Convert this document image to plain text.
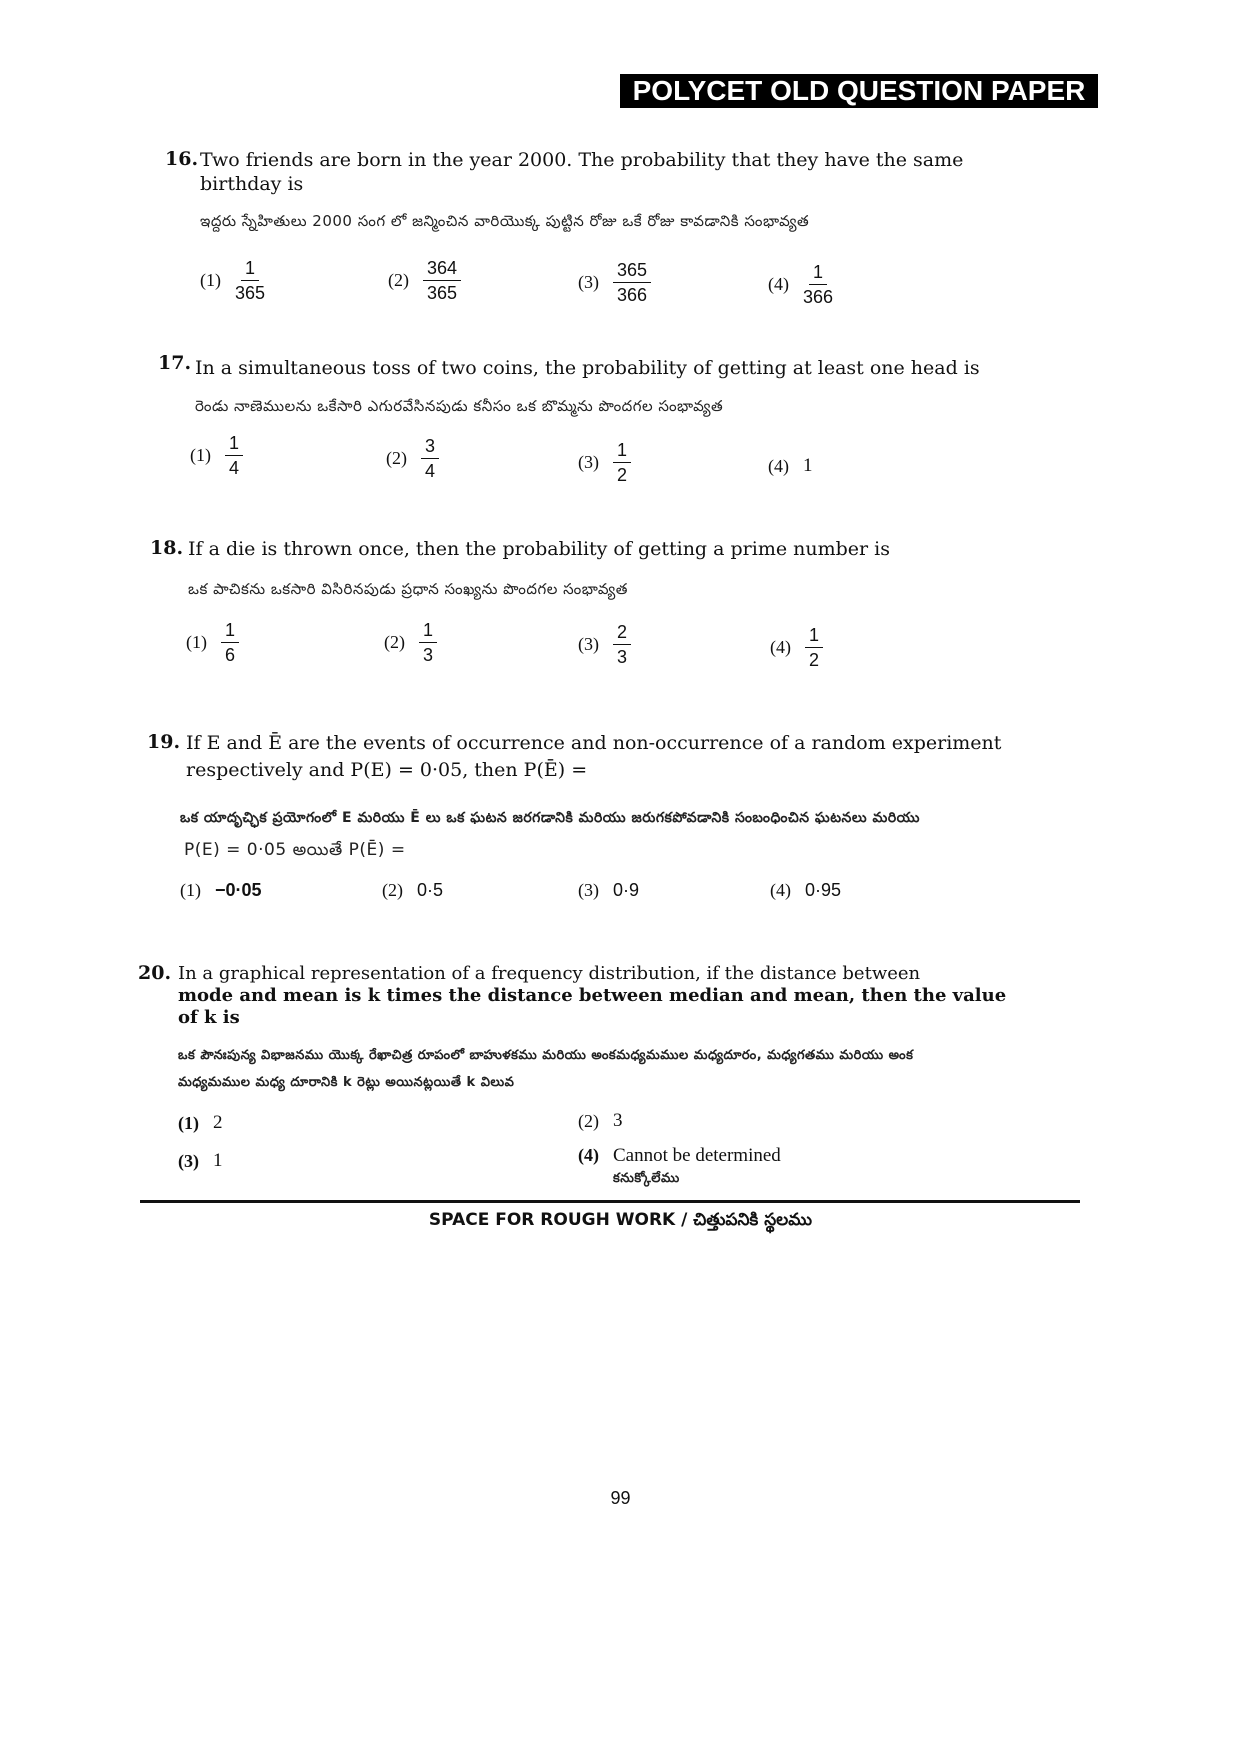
POLYCET OLD QUESTION PAPER
16. Two friends are born in the year 2000. The probability that they have the same birthday is
ఇద్దరు స్నేహితులు 2000 సంగ లో జన్మించిన వారియొక్క పుట్టిన రోజు ఒకే రోజు కావడానికి సంభావ్యత
$(1) \frac{1}{365}$	$(2) \frac{364}{365}$	$(3) \frac{365}{366}$	$(4) \frac{1}{366}$
17. In a simultaneous toss of two coins, the probability of getting at least one head is
రెండు నాణెములను ఒకేసారి ఎగురవేసినపుడు కనీసం ఒక బొమ్మను పొందగల సంభావ్యత
$(1) \frac{1}{4}$	$(2) \frac{3}{4}$	$(3) \frac{1}{2}$	(4) 1
18. If a die is thrown once, then the probability of getting a prime number is
ఒక పాచికను ఒకసారి విసిరినపుడు ప్రధాన సంఖ్యను పొందగల సంభావ్యత
$(1) \frac{1}{6}$	$(2) \frac{1}{3}$	$(3) \frac{2}{3}$	$(4) \frac{1}{2}$
19. If E and Ē are the events of occurrence and non-occurrence of a random experiment
respectively and P(E) = 0·05, then P(Ē) =
ఒక యాదృచ్ఛిక ప్రయోగంలో E మరియు Ē లు ఒక ఘటన జరగడానికి మరియు జరుగకపోవడానికి సంబంధించిన ఘటనలు మరియు
P(E) = 0·05 అయితే P(Ē) =
(1) −0·05	(2) 0·5	(3) 0·9	(4) 0·95
20. In a graphical representation of a frequency distribution, if the distance between
mode and mean is k times the distance between median and mean, then the value
of k is
ఒక పౌనఃపున్య విభాజనము యొక్క రేఖాచిత్ర రూపంలో బాహుళకము మరియు అంకమధ్యమముల మధ్యదూరం, మధ్యగతము మరియు అంక
మధ్యమముల మధ్య దూరానికి k రెట్లు అయినట్లయితే k విలువ
(1) 2	(2) 3
(3) 1	(4) Cannot be determined
కనుక్కోలేము
SPACE FOR ROUGH WORK / చిత్తుపనికి స్థలము
99
